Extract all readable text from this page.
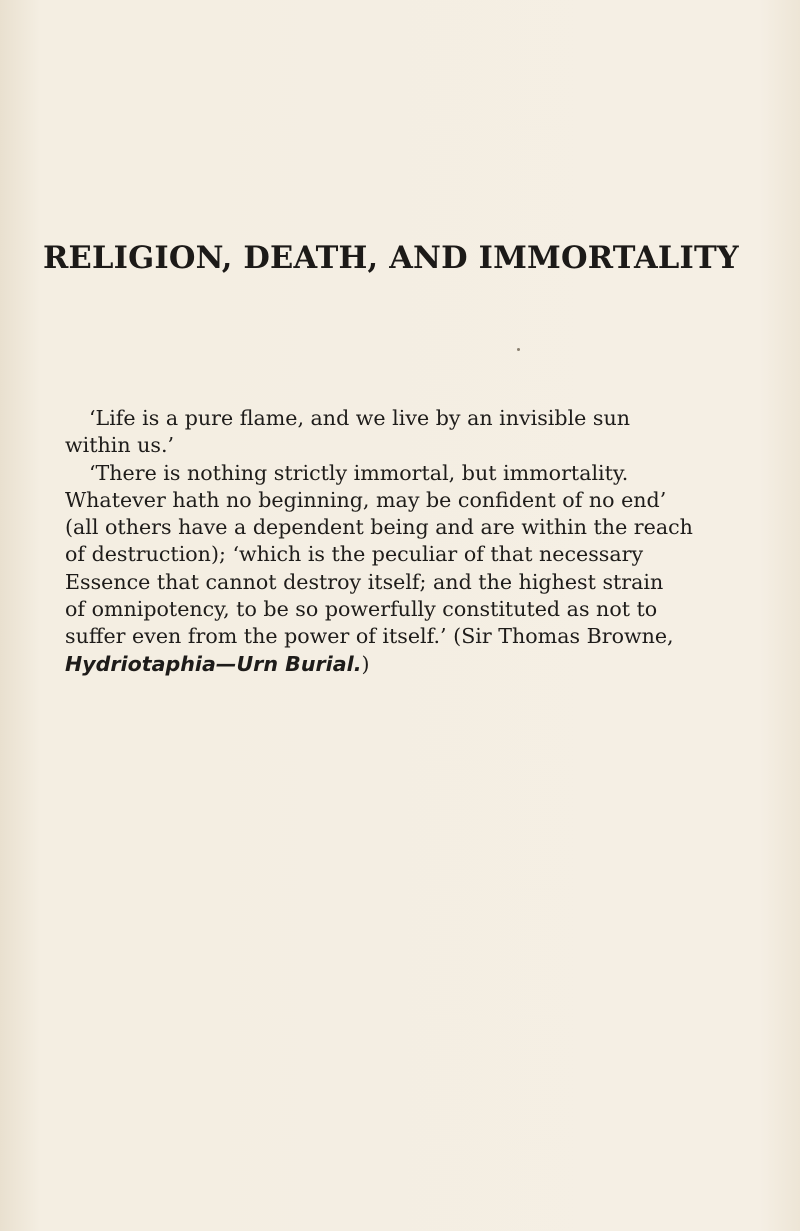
RELIGION, DEATH, AND IMMORTALITY
‘Life is a pure flame, and we live by an invisible sun
within us.’
‘There is nothing strictly immortal, but immortality.
Whatever hath no beginning, may be confident of no end’
(all others have a dependent being and are within the reach
of destruction); ‘which is the peculiar of that necessary
Essence that cannot destroy itself; and the highest strain
of omnipotency, to be so powerfully constituted as not to
suffer even from the power of itself.’ (Sir Thomas Browne,
Hydriotaphia—Urn Burial.)
